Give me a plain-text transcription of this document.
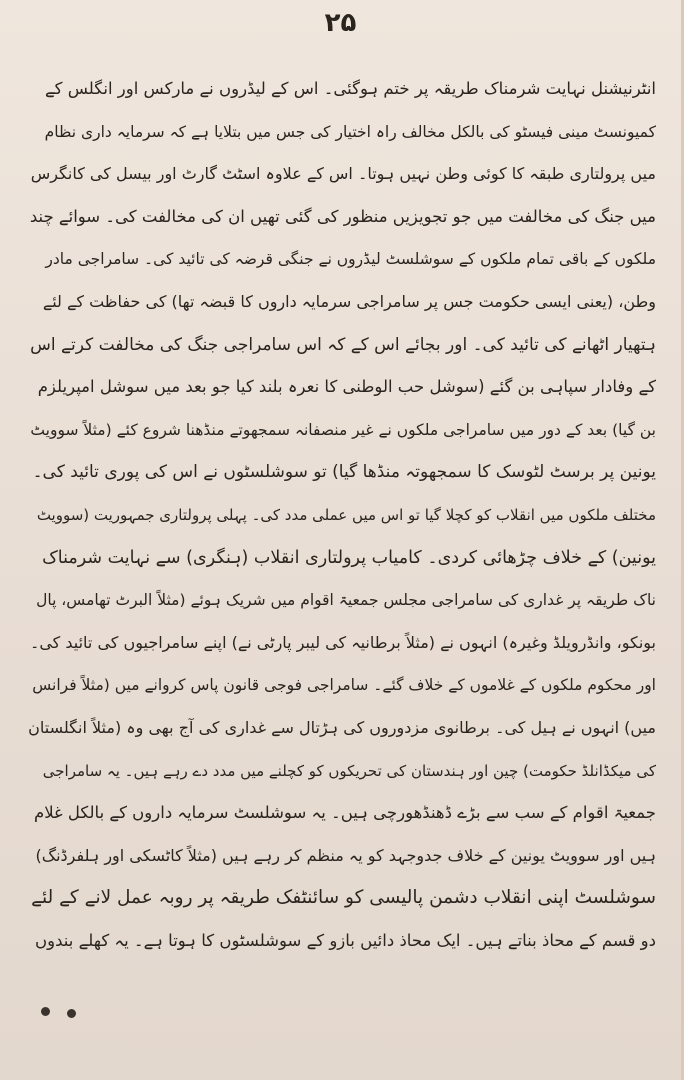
۲۵
انٹرنیشنل نہایت شرمناک طریقہ پر ختم ہوگئی۔ اس کے لیڈروں نے مارکس اور انگلس کے
کمیونسٹ مینی فیسٹو کی بالکل مخالف راہ اختیار کی جس میں بتلایا ہے کہ سرمایہ داری نظام
میں پرولتاری طبقہ کا کوئی وطن نہیں ہوتا۔ اس کے علاوہ اسٹٹ گارٹ اور بیسل کی کانگرس
میں جنگ کی مخالفت میں جو تجویزیں منظور کی گئی تھیں ان کی مخالفت کی۔ سوائے چند
ملکوں کے باقی تمام ملکوں کے سوشلسٹ لیڈروں نے جنگی قرضہ کی تائید کی۔ سامراجی مادر
وطن، (یعنی ایسی حکومت جس پر سامراجی سرمایہ داروں کا قبضہ تھا) کی حفاظت کے لئے
ہتھیار اٹھانے کی تائید کی۔ اور بجائے اس کے کہ اس سامراجی جنگ کی مخالفت کرتے اس
کے وفادار سپاہی بن گئے (سوشل حب الوطنی کا نعرہ بلند کیا جو بعد میں سوشل امپریلزم
بن گیا) بعد کے دور میں سامراجی ملکوں نے غیر منصفانہ سمجھوتے منڈھنا شروع کئے (مثلاً سوویٹ
یونین پر برسٹ لٹوسک کا سمجھوتہ منڈھا گیا) تو سوشلسٹوں نے اس کی پوری تائید کی۔
مختلف ملکوں میں انقلاب کو کچلا گیا تو اس میں عملی مدد کی۔ پہلی پرولتاری جمہوریت (سوویٹ
یونین) کے خلاف چڑھائی کردی۔ کامیاب پرولتاری انقلاب (ہنگری) سے نہایت شرمناک
ناک طریقہ پر غداری کی سامراجی مجلس جمعیۃ اقوام میں شریک ہوئے (مثلاً البرٹ تھامس، پال
بونکو، وانڈرویلڈ وغیرہ) انہوں نے (مثلاً برطانیہ کی لیبر پارٹی نے) اپنے سامراجیوں کی تائید کی۔
اور محکوم ملکوں کے غلاموں کے خلاف گئے۔ سامراجی فوجی قانون پاس کروانے میں (مثلاً فرانس
میں) انہوں نے ہیل کی۔ برطانوی مزدوروں کی ہڑتال سے غداری کی آج بھی وہ (مثلاً انگلستان
کی میکڈانلڈ حکومت) چین اور ہندستان کی تحریکوں کو کچلنے میں مدد دے رہے ہیں۔ یہ سامراجی
جمعیۃ اقوام کے سب سے بڑے ڈھنڈھورچی ہیں۔ یہ سوشلسٹ سرمایہ داروں کے بالکل غلام
ہیں اور سوویٹ یونین کے خلاف جدوجہد کو یہ منظم کر رہے ہیں (مثلاً کاٹسکی اور ہلفرڈنگ)
سوشلسٹ اپنی انقلاب دشمن پالیسی کو سائنٹفک طریقہ پر روبہ عمل لانے کے لئے
دو قسم کے محاذ بناتے ہیں۔ ایک محاذ دائیں بازو کے سوشلسٹوں کا ہوتا ہے۔ یہ کھلے بندوں
